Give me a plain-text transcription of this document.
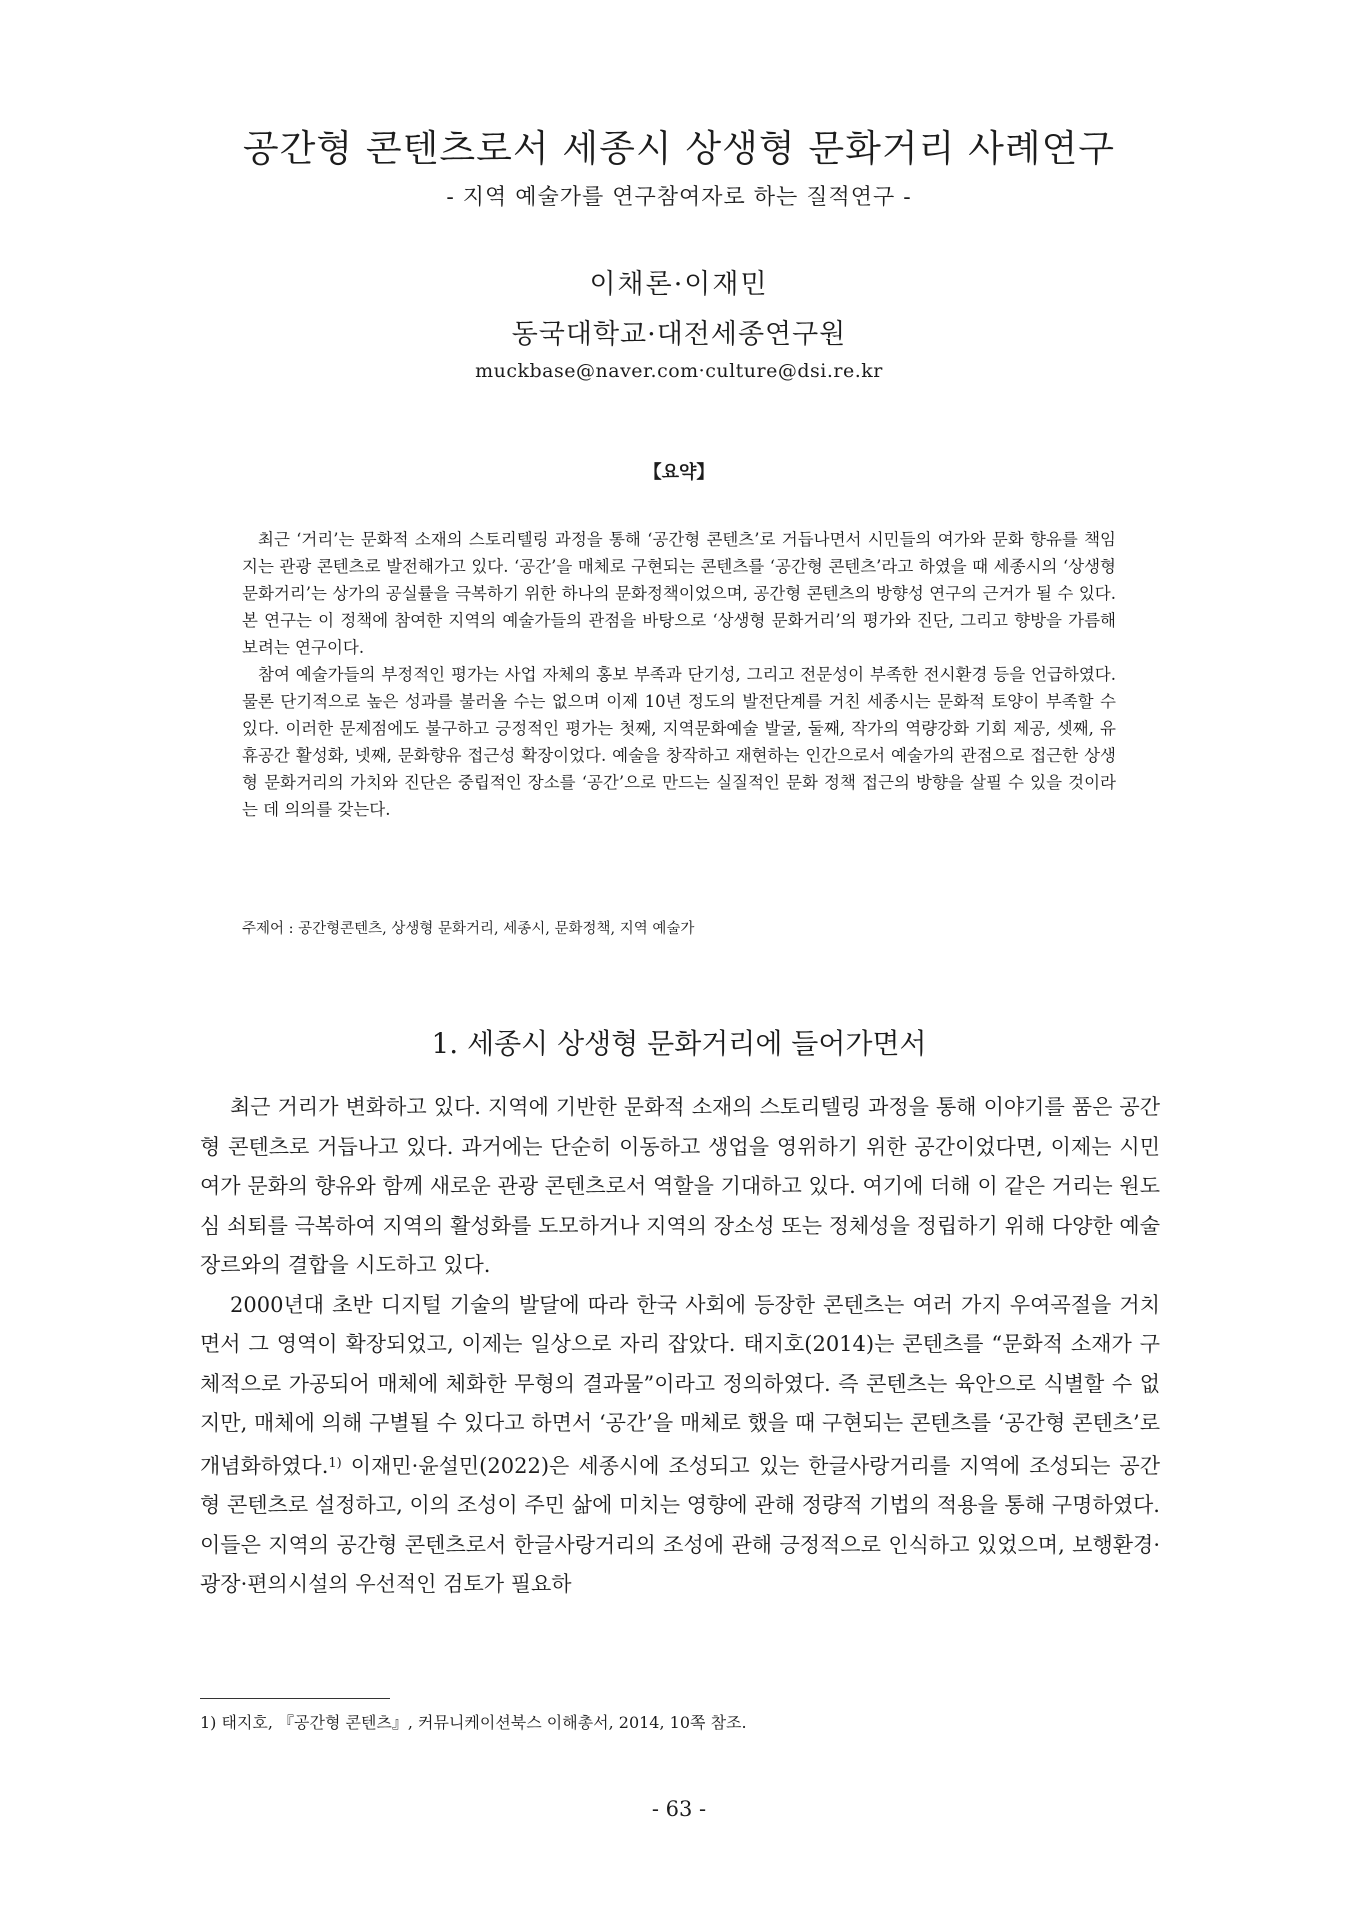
공간형 콘텐츠로서 세종시 상생형 문화거리 사례연구
- 지역 예술가를 연구참여자로 하는 질적연구 -
이채론·이재민
동국대학교·대전세종연구원
muckbase@naver.com·culture@dsi.re.kr
【요약】

최근 ‘거리’는 문화적 소재의 스토리텔링 과정을 통해 ‘공간형 콘텐츠’로 거듭나면서 시민들의 여가와 문화 향유를 책임지는 관광 콘텐츠로 발전해가고 있다. ‘공간’을 매체로 구현되는 콘텐츠를 ‘공간형 콘텐츠’라고 하였을 때 세종시의 ‘상생형 문화거리’는 상가의 공실률을 극복하기 위한 하나의 문화정책이었으며, 공간형 콘텐츠의 방향성 연구의 근거가 될 수 있다. 본 연구는 이 정책에 참여한 지역의 예술가들의 관점을 바탕으로 ‘상생형 문화거리’의 평가와 진단, 그리고 향방을 가름해보려는 연구이다.

참여 예술가들의 부정적인 평가는 사업 자체의 홍보 부족과 단기성, 그리고 전문성이 부족한 전시환경 등을 언급하였다. 물론 단기적으로 높은 성과를 불러올 수는 없으며 이제 10년 정도의 발전단계를 거친 세종시는 문화적 토양이 부족할 수 있다. 이러한 문제점에도 불구하고 긍정적인 평가는 첫째, 지역문화예술 발굴, 둘째, 작가의 역량강화 기회 제공, 셋째, 유휴공간 활성화, 넷째, 문화향유 접근성 확장이었다. 예술을 창작하고 재현하는 인간으로서 예술가의 관점으로 접근한 상생형 문화거리의 가치와 진단은 중립적인 장소를 ‘공간’으로 만드는 실질적인 문화 정책 접근의 방향을 살필 수 있을 것이라는 데 의의를 갖는다.

주제어 : 공간형콘텐츠, 상생형 문화거리, 세종시, 문화정책, 지역 예술가
1. 세종시 상생형 문화거리에 들어가면서

최근 거리가 변화하고 있다. 지역에 기반한 문화적 소재의 스토리텔링 과정을 통해 이야기를 품은 공간형 콘텐츠로 거듭나고 있다. 과거에는 단순히 이동하고 생업을 영위하기 위한 공간이었다면, 이제는 시민 여가 문화의 향유와 함께 새로운 관광 콘텐츠로서 역할을 기대하고 있다. 여기에 더해 이 같은 거리는 원도심 쇠퇴를 극복하여 지역의 활성화를 도모하거나 지역의 장소성 또는 정체성을 정립하기 위해 다양한 예술 장르와의 결합을 시도하고 있다.

2000년대 초반 디지털 기술의 발달에 따라 한국 사회에 등장한 콘텐츠는 여러 가지 우여곡절을 거치면서 그 영역이 확장되었고, 이제는 일상으로 자리 잡았다. 태지호(2014)는 콘텐츠를 “문화적 소재가 구체적으로 가공되어 매체에 체화한 무형의 결과물”이라고 정의하였다. 즉 콘텐츠는 육안으로 식별할 수 없지만, 매체에 의해 구별될 수 있다고 하면서 ‘공간’을 매체로 했을 때 구현되는 콘텐츠를 ‘공간형 콘텐츠’로 개념화하였다.$^{1)}$ 이재민·윤설민(2022)은 세종시에 조성되고 있는 한글사랑거리를 지역에 조성되는 공간형 콘텐츠로 설정하고, 이의 조성이 주민 삶에 미치는 영향에 관해 정량적 기법의 적용을 통해 구명하였다. 이들은 지역의 공간형 콘텐츠로서 한글사랑거리의 조성에 관해 긍정적으로 인식하고 있었으며, 보행환경·광장·편의시설의 우선적인 검토가 필요하

1) 태지호, 『공간형 콘텐츠』, 커뮤니케이션북스 이해총서, 2014, 10쪽 참조.
- 63 -
